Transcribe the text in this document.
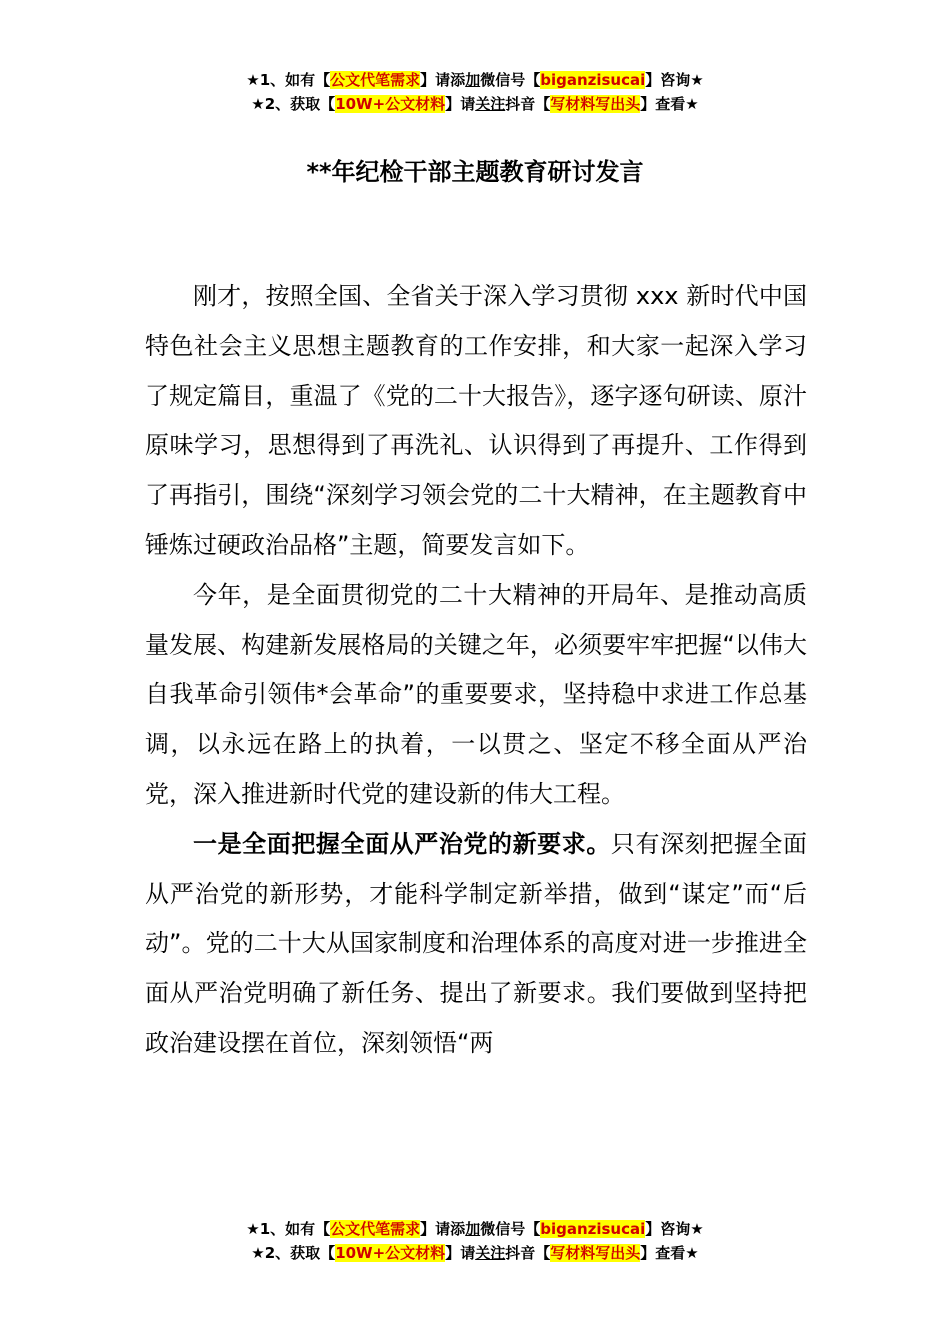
★1、如有【公文代笔需求】请添加微信号【biganzisucai】咨询★
★2、获取【10W+公文材料】请关注抖音【写材料写出头】查看★
**年纪检干部主题教育研讨发言

刚才，按照全国、全省关于深入学习贯彻 xxx 新时代中国特色社会主义思想主题教育的工作安排，和大家一起深入学习了规定篇目，重温了《党的二十大报告》，逐字逐句研读、原汁原味学习，思想得到了再洗礼、认识得到了再提升、工作得到了再指引，围绕“深刻学习领会党的二十大精神，在主题教育中锤炼过硬政治品格”主题，简要发言如下。

今年，是全面贯彻党的二十大精神的开局年、是推动高质量发展、构建新发展格局的关键之年，必须要牢牢把握“以伟大自我革命引领伟*会革命”的重要要求，坚持稳中求进工作总基调，以永远在路上的执着，一以贯之、坚定不移全面从严治党，深入推进新时代党的建设新的伟大工程。

一是全面把握全面从严治党的新要求。只有深刻把握全面从严治党的新形势，才能科学制定新举措，做到“谋定”而“后动”。党的二十大从国家制度和治理体系的高度对进一步推进全面从严治党明确了新任务、提出了新要求。我们要做到坚持把政治建设摆在首位，深刻领悟“两

★1、如有【公文代笔需求】请添加微信号【biganzisucai】咨询★
★2、获取【10W+公文材料】请关注抖音【写材料写出头】查看★
